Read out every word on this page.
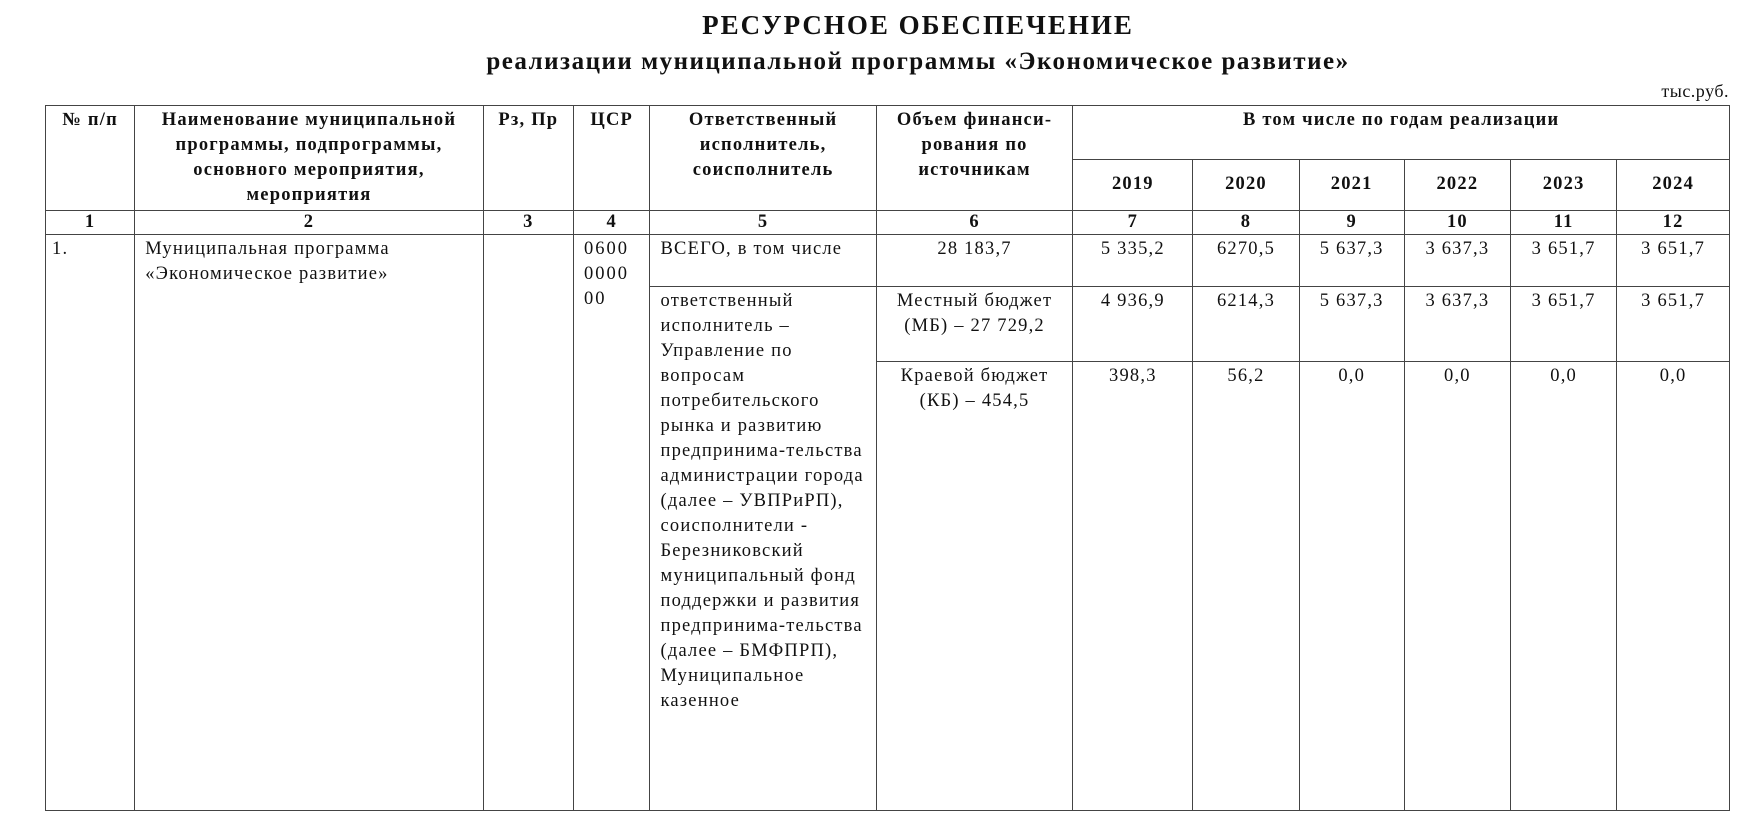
РЕСУРСНОЕ ОБЕСПЕЧЕНИЕ
реализации муниципальной программы «Экономическое развитие»
тыс.руб.
№ п/п	Наименование муниципальной программы, подпрограммы, основного мероприятия, мероприятия	Рз, Пр	ЦСР	Ответственный исполнитель, соисполнитель	Объем финанси-рования по источникам	В том числе по годам реализации					
						2019	2020	2021	2022	2023	2024
1	2	3	4	5	6	7	8	9	10	11	12
1.	Муниципальная программа «Экономическое развитие»		0600 0000 00	ВСЕГО, в том числе	28 183,7	5 335,2	6270,5	5 637,3	3 637,3	3 651,7	3 651,7
				ответственный исполнитель – Управление по вопросам потребительского рынка и развитию предпринима-тельства администрации города (далее – УВПРиРП), соисполнители - Березниковский муниципальный фонд поддержки и развития предпринима-тельства (далее – БМФПРП), Муниципальное казенное	Местный бюджет (МБ) – 27 729,2	4 936,9	6214,3	5 637,3	3 637,3	3 651,7	3 651,7
					Краевой бюджет (КБ) – 454,5	398,3	56,2	0,0	0,0	0,0	0,0
